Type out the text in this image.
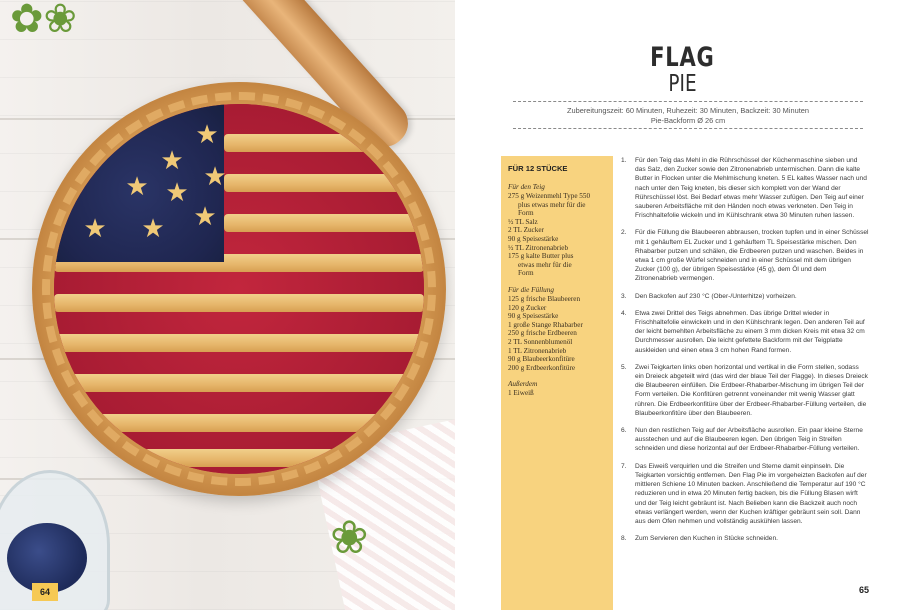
✿❀
❀
★
★
★ ★
★
★ ★ ★
64
FLAG
PIE
Zubereitungszeit: 60 Minuten, Ruhezeit: 30 Minuten, Backzeit: 30 Minuten
Pie-Backform Ø 26 cm
FÜR 12 STÜCKE
Für den Teig
275 g Weizenmehl Type 550
plus etwas mehr für die
Form
½ TL Salz
2 TL Zucker
90 g Speisestärke
½ TL Zitronenabrieb
175 g kalte Butter plus
etwas mehr für die
Form
Für die Füllung
125 g frische Blaubeeren
120 g Zucker
90 g Speisestärke
1 große Stange Rhabarber
250 g frische Erdbeeren
2 TL Sonnenblumenöl
1 TL Zitronenabrieb
90 g Blaubeerkonfitüre
200 g Erdbeerkonfitüre
Außerdem
1 Eiweiß
1. Für den Teig das Mehl in die Rührschüssel der Küchenmaschine sieben und das Salz, den Zucker sowie den Zitronenabrieb untermischen. Dann die kalte Butter in Flocken unter die Mehlmischung kneten. 5 EL kaltes Wasser nach und nach unter den Teig kneten, bis dieser sich komplett von der Wand der Rührschüssel löst. Bei Bedarf etwas mehr Wasser zufügen. Den Teig auf einer sauberen Arbeitsfläche mit den Händen noch etwas verkneten. Den Teig in Frischhaltefolie wickeln und im Kühlschrank etwa 30 Minuten ruhen lassen.
2. Für die Füllung die Blaubeeren abbrausen, trocken tupfen und in einer Schüssel mit 1 gehäuftem EL Zucker und 1 gehäuftem TL Speisestärke mischen. Den Rhabarber putzen und schälen, die Erdbeeren putzen und waschen. Beides in etwa 1 cm große Würfel schneiden und in einer Schüssel mit dem übrigen Zucker (100 g), der übrigen Speisestärke (45 g), dem Öl und dem Zitronenabrieb vermengen.
3. Den Backofen auf 230 °C (Ober-/Unterhitze) vorheizen.
4. Etwa zwei Drittel des Teigs abnehmen. Das übrige Drittel wieder in Frischhaltefolie einwickeln und in den Kühlschrank legen. Den anderen Teil auf der leicht bemehlten Arbeitsfläche zu einem 3 mm dicken Kreis mit etwa 32 cm Durchmesser ausrollen. Die leicht gefettete Backform mit der Teigplatte auskleiden und einen etwa 3 cm hohen Rand formen.
5. Zwei Teigkarten links oben horizontal und vertikal in die Form stellen, sodass ein Dreieck abgeteilt wird (das wird der blaue Teil der Flagge). In dieses Dreieck die Blaubeeren einfüllen. Die Erdbeer-Rhabarber-Mischung im übrigen Teil der Form verteilen. Die Konfitüren getrennt voneinander mit wenig Wasser glatt rühren. Die Erdbeerkonfitüre über der Erdbeer-Rhabarber-Füllung verteilen, die Blaubeerkonfitüre über den Blaubeeren.
6. Nun den restlichen Teig auf der Arbeitsfläche ausrollen. Ein paar kleine Sterne ausstechen und auf die Blaubeeren legen. Den übrigen Teig in Streifen schneiden und diese horizontal auf der Erdbeer-Rhabarber-Füllung verteilen.
7. Das Eiweiß verquirlen und die Streifen und Sterne damit einpinseln. Die Teigkarten vorsichtig entfernen. Den Flag Pie im vorgeheizten Backofen auf der mittleren Schiene 10 Minuten backen. Anschließend die Temperatur auf 190 °C reduzieren und in etwa 20 Minuten fertig backen, bis die Füllung Blasen wirft und der Teig leicht gebräunt ist. Nach Belieben kann die Backzeit auch noch etwas verlängert werden, wenn der Kuchen kräftiger gebräunt sein soll. Dann aus dem Ofen nehmen und vollständig auskühlen lassen.
8. Zum Servieren den Kuchen in Stücke schneiden.
65
